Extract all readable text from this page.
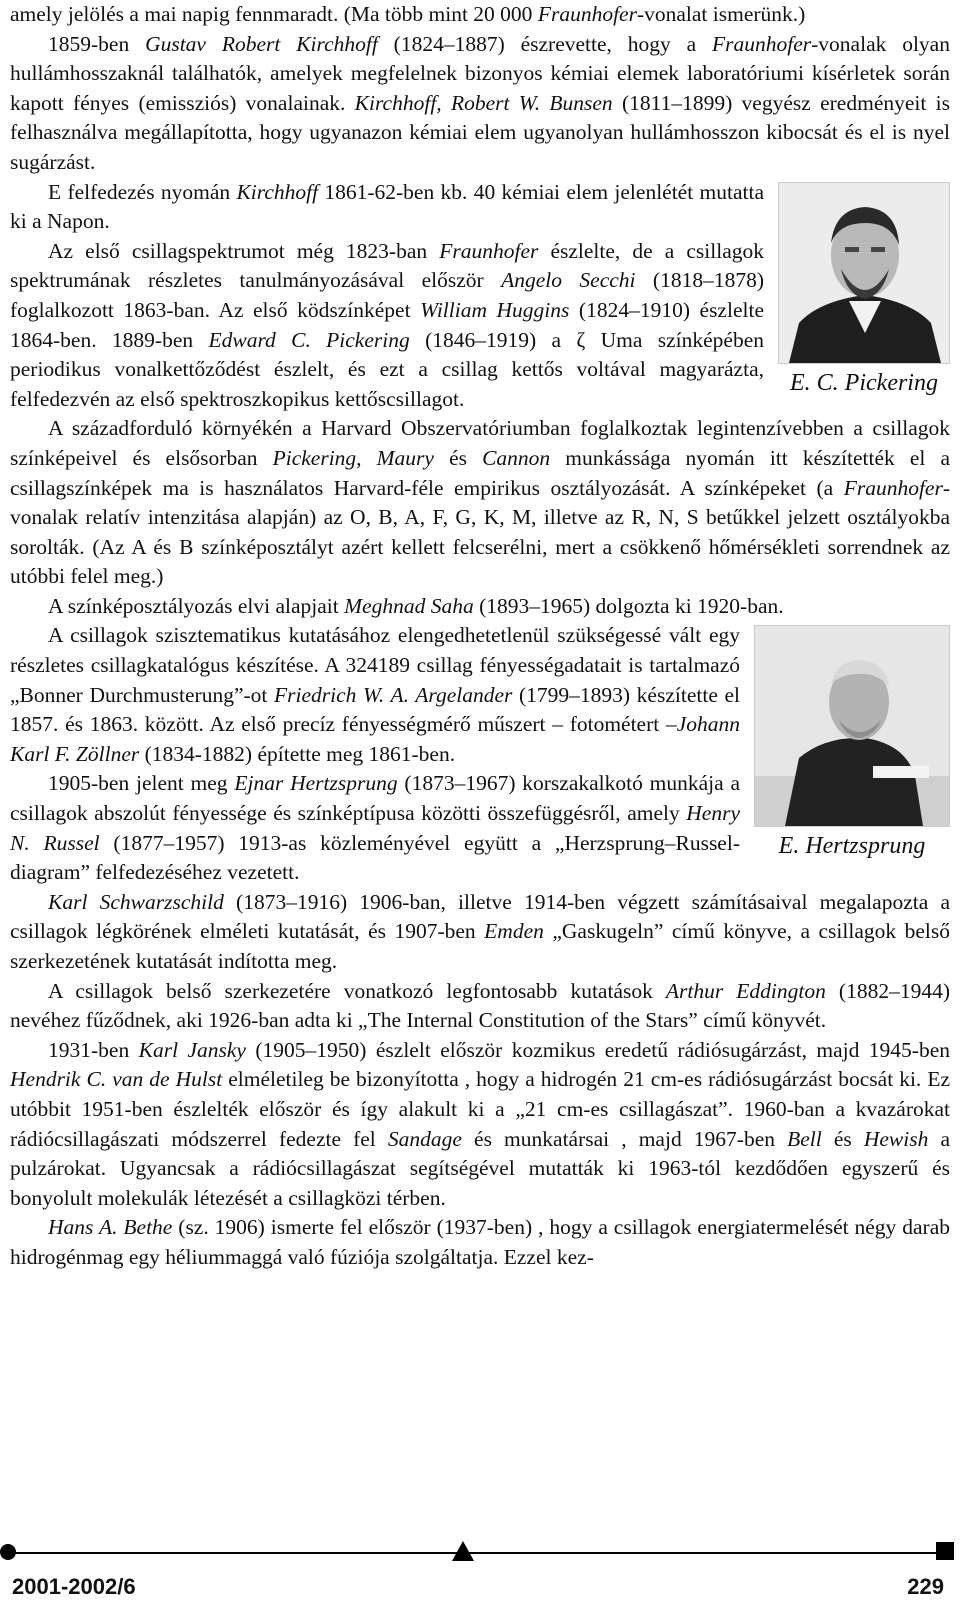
amely jelölés a mai napig fennmaradt. (Ma több mint 20 000 Fraunhofer-vonalat ismerünk.)

1859-ben Gustav Robert Kirchhoff (1824–1887) észrevette, hogy a Fraunhofer-vonalak olyan hullámhosszaknál találhatók, amelyek megfelelnek bizonyos kémiai elemek laboratóriumi kísérletek során kapott fényes (emissziós) vonalainak. Kirchhoff, Robert W. Bunsen (1811–1899) vegyész eredményeit is felhasználva megállapította, hogy ugyanazon kémiai elem ugyanolyan hullámhosszon kibocsát és el is nyel sugárzást.

E. C. Pickering

E felfedezés nyomán Kirchhoff 1861-62-ben kb. 40 kémiai elem jelenlétét mutatta ki a Napon.

Az első csillagspektrumot még 1823-ban Fraunhofer észlelte, de a csillagok spektrumának részletes tanulmányozásával először Angelo Secchi (1818–1878) foglalkozott 1863-ban. Az első ködszínképet William Huggins (1824–1910) észlelte 1864-ben. 1889-ben Edward C. Pickering (1846–1919) a ζ Uma színképében periodikus vonalkettőződést észlelt, és ezt a csillag kettős voltával magyarázta, felfedezvén az első spektroszkopikus kettőscsillagot.

A századforduló környékén a Harvard Obszervatóriumban foglalkoztak legintenzívebben a csillagok színképeivel és elsősorban Pickering, Maury és Cannon munkássága nyomán itt készítették el a csillagszínképek ma is használatos Harvard-féle empirikus osztályozását. A színképeket (a Fraunhofer-vonalak relatív intenzitása alapján) az O, B, A, F, G, K, M, illetve az R, N, S betűkkel jelzett osztályokba sorolták. (Az A és B színképosztályt azért kellett felcserélni, mert a csökkenő hőmérsékleti sorrendnek az utóbbi felel meg.)

A színképosztályozás elvi alapjait Meghnad Saha (1893–1965) dolgozta ki 1920-ban.

E. Hertzsprung

A csillagok szisztematikus kutatásához elengedhetetlenül szükségessé vált egy részletes csillagkatalógus készítése. A 324189 csillag fényességadatait is tartalmazó „Bonner Durchmusterung”-ot Friedrich W. A. Argelander (1799–1893) készítette el 1857. és 1863. között. Az első precíz fényességmérő műszert – fotométert –Johann Karl F. Zöllner (1834-1882) építette meg 1861-ben.

1905-ben jelent meg Ejnar Hertzsprung (1873–1967) korszakalkotó munkája a csillagok abszolút fényessége és színképtípusa közötti összefüggésről, amely Henry N. Russel (1877–1957) 1913-as közleményével együtt a „Herzsprung–Russel-diagram” felfedezéséhez vezetett.

Karl Schwarzschild (1873–1916) 1906-ban, illetve 1914-ben végzett számításaival megalapozta a csillagok légkörének elméleti kutatását, és 1907-ben Emden „Gaskugeln” című könyve, a csillagok belső szerkezetének kutatását indította meg.

A csillagok belső szerkezetére vonatkozó legfontosabb kutatások Arthur Eddington (1882–1944) nevéhez fűződnek, aki 1926-ban adta ki „The Internal Constitution of the Stars” című könyvét.

1931-ben Karl Jansky (1905–1950) észlelt először kozmikus eredetű rádiósugárzást, majd 1945-ben Hendrik C. van de Hulst elméletileg be bizonyította , hogy a hidrogén 21 cm-es rádiósugárzást bocsát ki. Ez utóbbit 1951-ben észlelték először és így alakult ki a „21 cm-es csillagászat”. 1960-ban a kvazárokat rádiócsillagászati módszerrel fedezte fel Sandage és munkatársai , majd 1967-ben Bell és Hewish a pulzárokat. Ugyancsak a rádiócsillagászat segítségével mutatták ki 1963-tól kezdődően egyszerű és bonyolult molekulák létezését a csillagközi térben.

Hans A. Bethe (sz. 1906) ismerte fel először (1937-ben) , hogy a csillagok energiatermelését négy darab hidrogénmag egy héliummaggá való fúziója szolgáltatja. Ezzel kez-

2001-2002/6	229
